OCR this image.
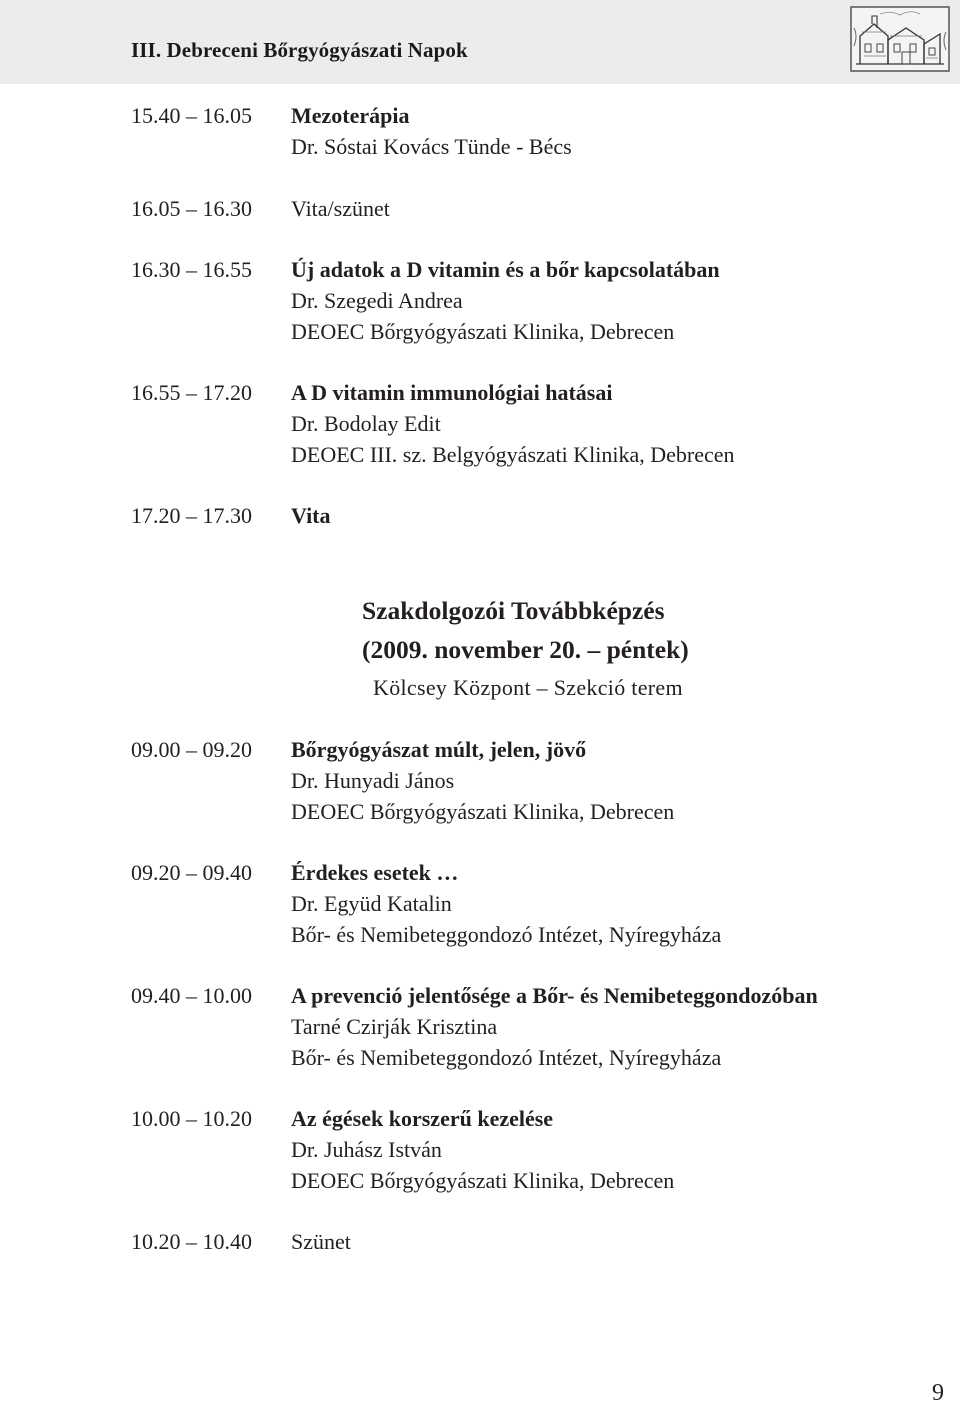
III. Debreceni Bőrgyógyászati Napok
15.40 – 16.05 Mezoterápia
Dr. Sóstai Kovács Tünde - Bécs
16.05 – 16.30 Vita/szünet
16.30 – 16.55 Új adatok a D vitamin és a bőr kapcsolatában
Dr. Szegedi Andrea
DEOEC Bőrgyógyászati Klinika, Debrecen
16.55 – 17.20 A D vitamin immunológiai hatásai
Dr. Bodolay Edit
DEOEC III. sz. Belgyógyászati Klinika, Debrecen
17.20 – 17.30 Vita
Szakdolgozói Továbbképzés
(2009. november 20. – péntek)
Kölcsey Központ – Szekció terem
09.00 – 09.20 Bőrgyógyászat múlt, jelen, jövő
Dr. Hunyadi János
DEOEC Bőrgyógyászati Klinika, Debrecen
09.20 – 09.40 Érdekes esetek …
Dr. Együd Katalin
Bőr- és Nemibeteggondozó Intézet, Nyíregyháza
09.40 – 10.00 A prevenció jelentősége a Bőr- és Nemibeteggondozóban
Tarné Czirják Krisztina
Bőr- és Nemibeteggondozó Intézet, Nyíregyháza
10.00 – 10.20 Az égések korszerű kezelése
Dr. Juhász István
DEOEC Bőrgyógyászati Klinika, Debrecen
10.20 – 10.40 Szünet
9
